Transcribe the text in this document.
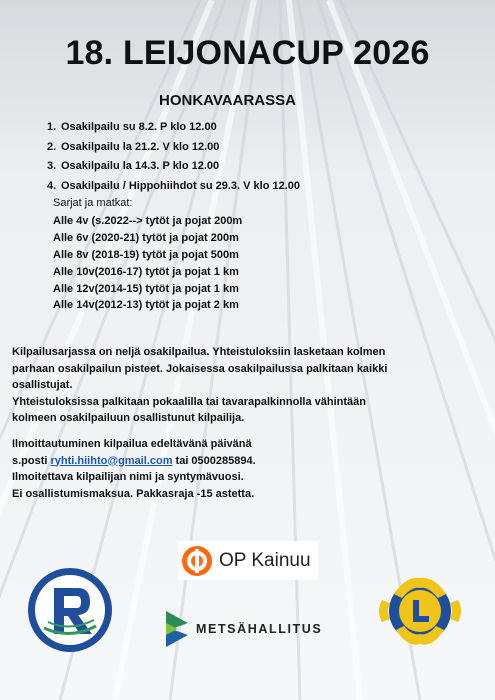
18. LEIJONACUP 2026
HONKAVAARASSA
1. Osakilpailu su 8.2. P klo 12.00
2. Osakilpailu la 21.2. V klo 12.00
3. Osakilpailu la 14.3. P klo 12.00
4. Osakilpailu / Hippohiihdot su 29.3. V klo 12.00
Sarjat ja matkat:
Alle 4v (s.2022--> tytöt ja pojat 200m
Alle 6v (2020-21) tytöt ja pojat 200m
Alle 8v (2018-19) tytöt ja pojat 500m
Alle 10v(2016-17) tytöt ja pojat 1 km
Alle 12v(2014-15) tytöt ja pojat 1 km
Alle 14v(2012-13) tytöt ja pojat 2 km
Kilpailusarjassa on neljä osakilpailua. Yhteistuloksiin lasketaan kolmen
parhaan osakilpailun pisteet. Jokaisessa osakilpailussa palkitaan kaikki
osallistujat.
Yhteistuloksissa palkitaan pokaalilla tai tavarapalkinnolla vähintään
kolmeen osakilpailuun osallistunut kilpailija.
Ilmoittautuminen kilpailua edeltävänä päivänä
s.posti ryhti.hiihto@gmail.com tai 0500285894.
Ilmoitettava kilpailijan nimi ja syntymävuosi.
Ei osallistumismaksua. Pakkasraja -15 astetta.
OP Kainuu
METSÄHALLITUS
